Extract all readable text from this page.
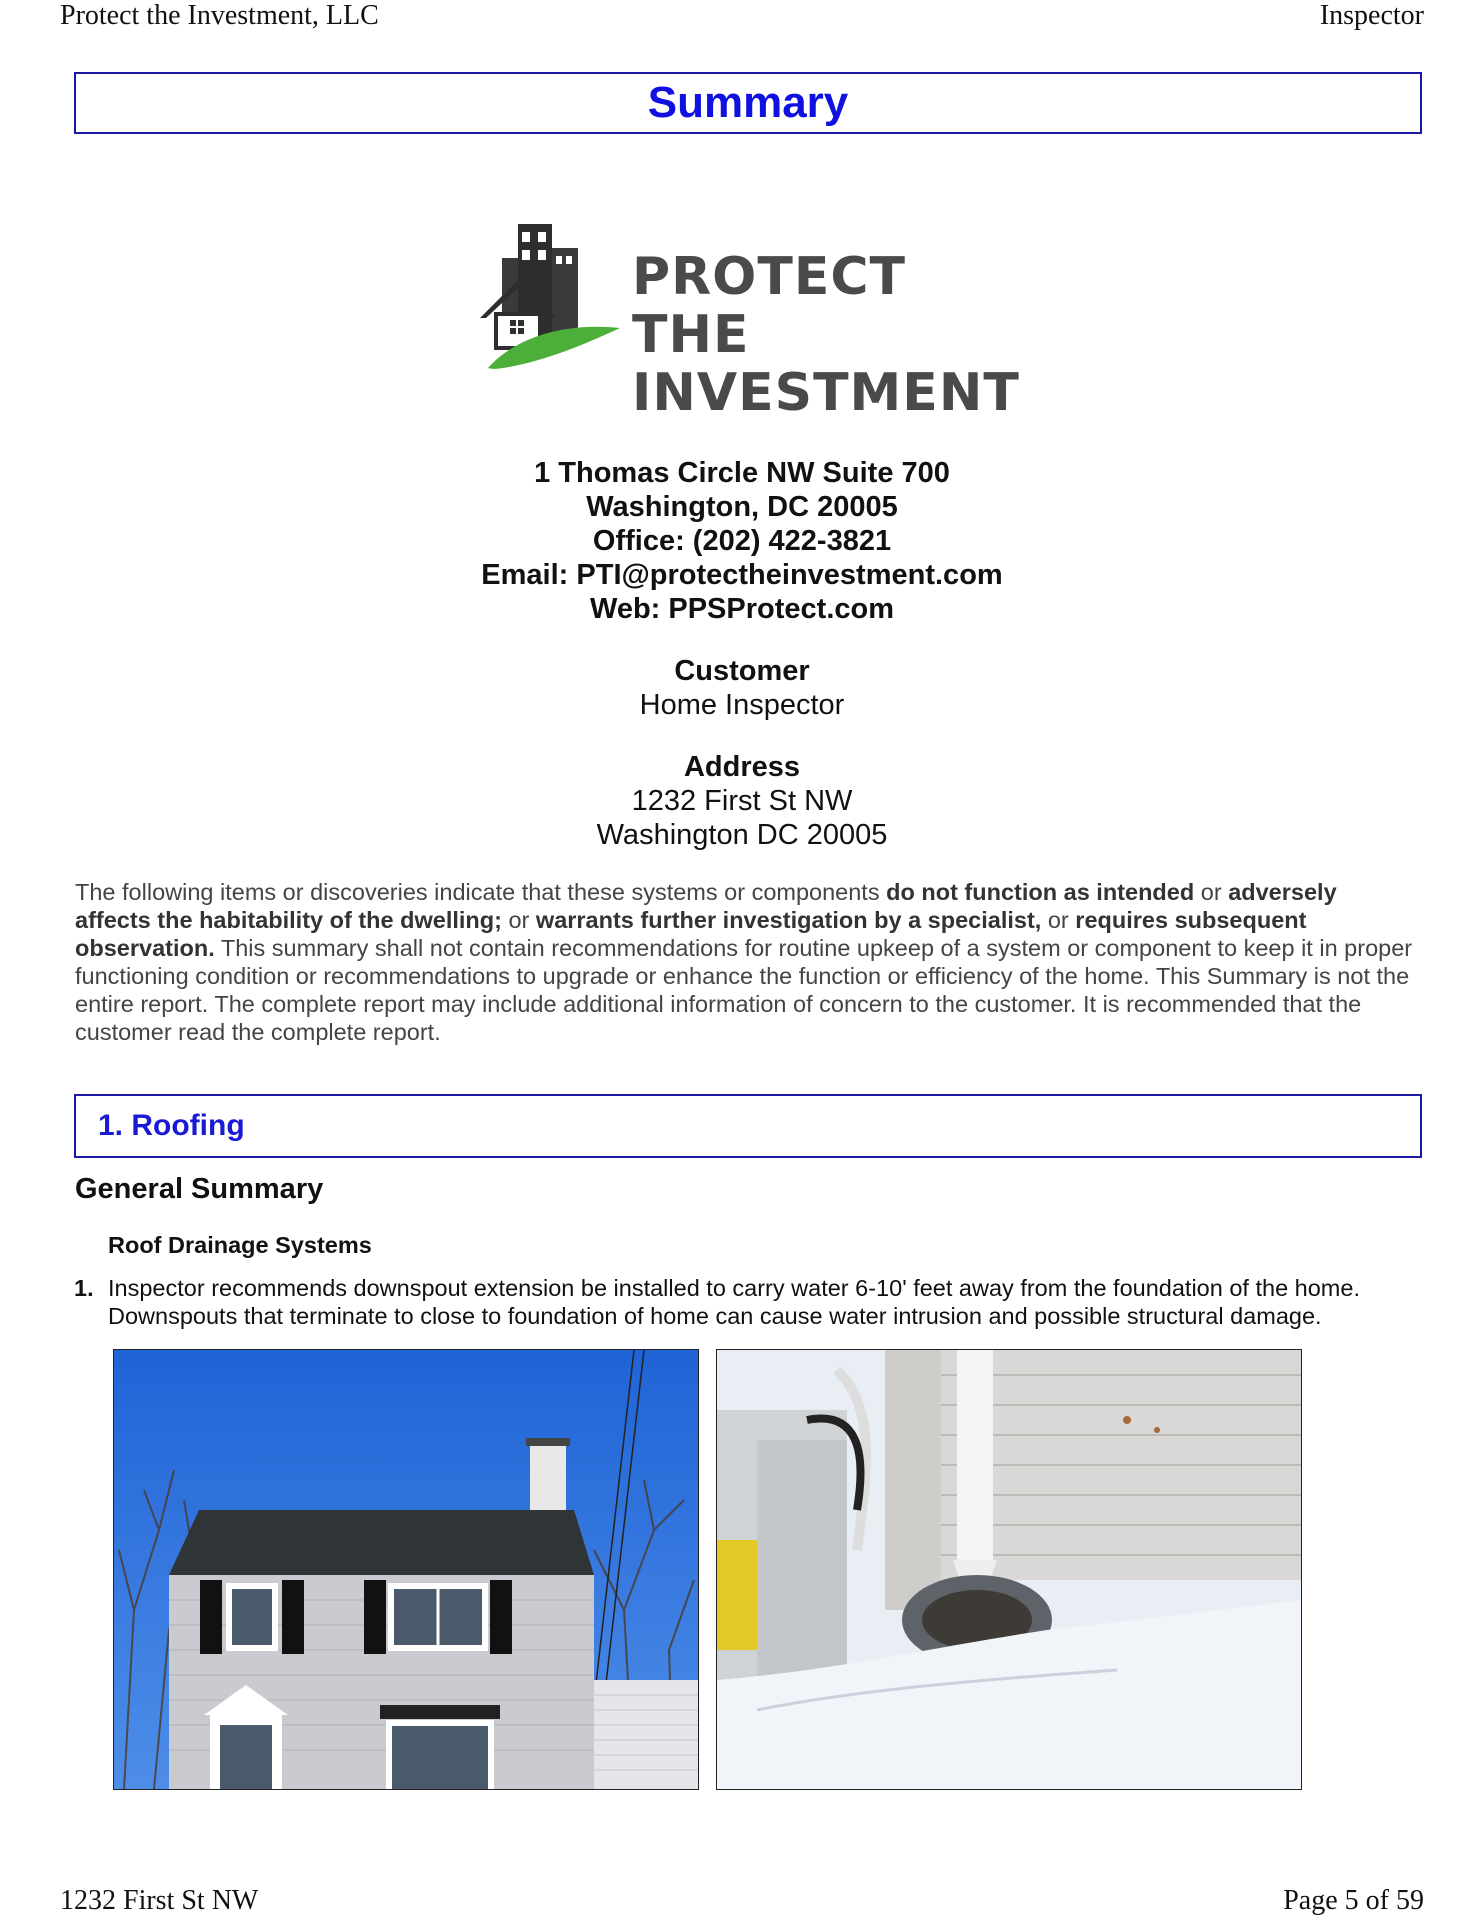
Protect the Investment, LLC	Inspector
Summary
PROTECT THE
INVESTMENT
1 Thomas Circle NW Suite 700
Washington, DC 20005
Office: (202) 422-3821
Email: PTI@protectheinvestment.com
Web: PPSProtect.com
Customer
Home Inspector
Address
1232 First St NW
Washington DC 20005
The following items or discoveries indicate that these systems or components do not function as intended or adversely affects the habitability of the dwelling; or warrants further investigation by a specialist, or requires subsequent observation. This summary shall not contain recommendations for routine upkeep of a system or component to keep it in proper functioning condition or recommendations to upgrade or enhance the function or efficiency of the home. This Summary is not the entire report. The complete report may include additional information of concern to the customer. It is recommended that the customer read the complete report.
1. Roofing
General Summary
Roof Drainage Systems
1. Inspector recommends downspout extension be installed to carry water 6-10' feet away from the foundation of the home. Downspouts that terminate to close to foundation of home can cause water intrusion and possible structural damage.
1232 First St NW	Page 5 of 59
